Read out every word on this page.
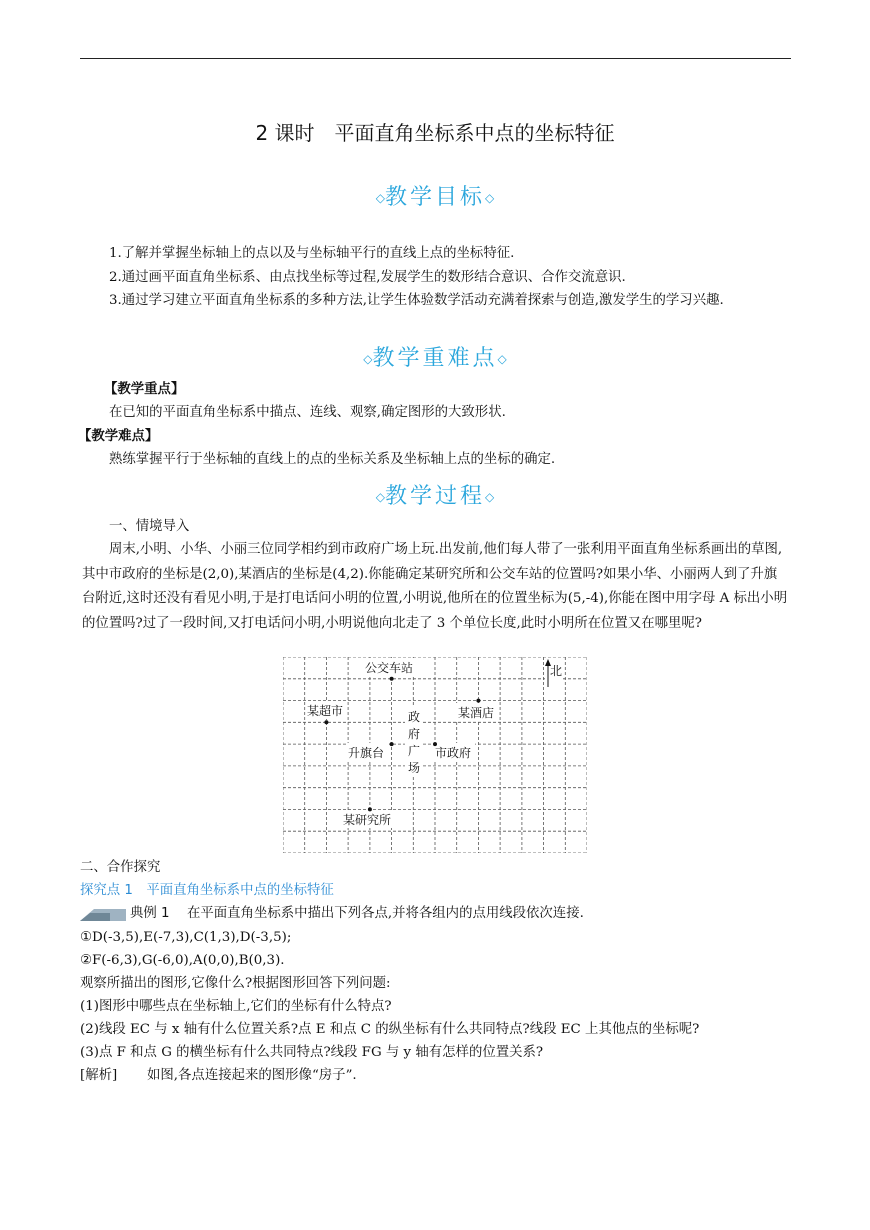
2 课时　平面直角坐标系中点的坐标特征
◇教学目标◇

1.了解并掌握坐标轴上的点以及与坐标轴平行的直线上点的坐标特征.

2.通过画平面直角坐标系、由点找坐标等过程,发展学生的数形结合意识、合作交流意识.

3.通过学习建立平面直角坐标系的多种方法,让学生体验数学活动充满着探索与创造,激发学生的学习兴趣.

◇教学重难点◇
【教学重点】

在已知的平面直角坐标系中描点、连线、观察,确定图形的大致形状.

【教学难点】

熟练掌握平行于坐标轴的直线上的点的坐标关系及坐标轴上点的坐标的确定.

◇教学过程◇
一、情境导入

周末,小明、小华、小丽三位同学相约到市政府广场上玩.出发前,他们每人带了一张利用平面直角坐标系画出的草图,其中市政府的坐标是(2,0),某酒店的坐标是(4,2).你能确定某研究所和公交车站的位置吗?如果小华、小丽两人到了升旗台附近,这时还没有看见小明,于是打电话问小明的位置,小明说,他所在的位置坐标为(5,-4),你能在图中用字母 A 标出小明的位置吗?过了一段时间,又打电话问小明,小明说他向北走了 3 个单位长度,此时小明所在位置又在哪里呢?

公交车站	北
某超市	某酒店
政
府
广
场
升旗台	市政府
某研究所
二、合作探究
探究点 1　平面直角坐标系中点的坐标特征
典例 1 在平面直角坐标系中描出下列各点,并将各组内的点用线段依次连接.
①D(-3,5),E(-7,3),C(1,3),D(-3,5);
②F(-6,3),G(-6,0),A(0,0),B(0,3).
观察所描出的图形,它像什么?根据图形回答下列问题:
(1)图形中哪些点在坐标轴上,它们的坐标有什么特点?
(2)线段 EC 与 x 轴有什么位置关系?点 E 和点 C 的纵坐标有什么共同特点?线段 EC 上其他点的坐标呢?
(3)点 F 和点 G 的横坐标有什么共同特点?线段 FG 与 y 轴有怎样的位置关系?
[解析] 如图,各点连接起来的图形像“房子”.
